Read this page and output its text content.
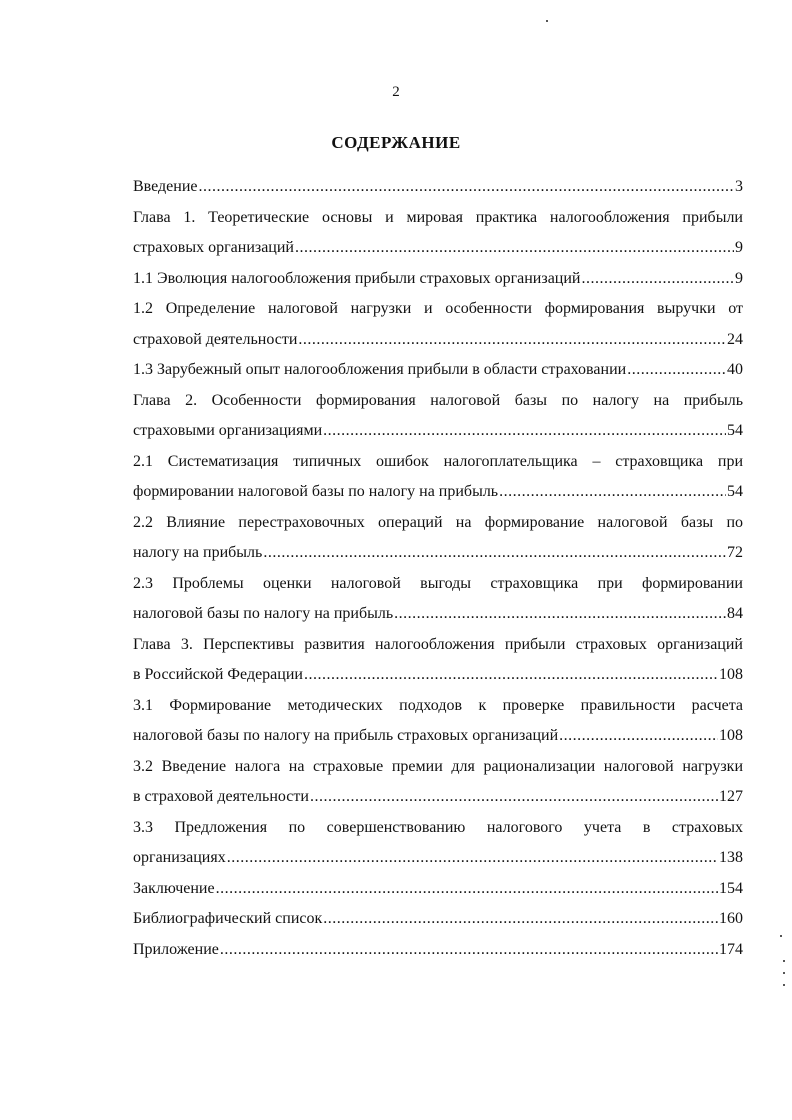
2
СОДЕРЖАНИЕ
Введение .....	3
Глава 1. Теоретические основы и мировая практика налогообложения прибыли
страховых организаций .....	9
1.1 Эволюция налогообложения прибыли страховых организаций .....	9
1.2 Определение налоговой нагрузки и особенности формирования выручки от
страховой деятельности .....	24
1.3 Зарубежный опыт налогообложения прибыли в области страховании .....	40
Глава 2. Особенности формирования налоговой базы по налогу на прибыль
страховыми организациями .....	54
2.1 Систематизация типичных ошибок налогоплательщика – страховщика при
формировании налоговой базы по налогу на прибыль .....	54
2.2 Влияние перестраховочных операций на формирование налоговой базы по
налогу на прибыль .....	72
2.3 Проблемы оценки налоговой выгоды страховщика при формировании
налоговой базы по налогу на прибыль .....	84
Глава 3. Перспективы развития налогообложения прибыли страховых организаций
в Российской Федерации .....	108
3.1 Формирование методических подходов к проверке правильности расчета
налоговой базы по налогу на прибыль страховых организаций .....	108
3.2 Введение налога на страховые премии для рационализации налоговой нагрузки
в страховой деятельности .....	127
3.3 Предложения по совершенствованию налогового учета в страховых
организациях .....	138
Заключение .....	154
Библиографический список .....	160
Приложение .....	174
